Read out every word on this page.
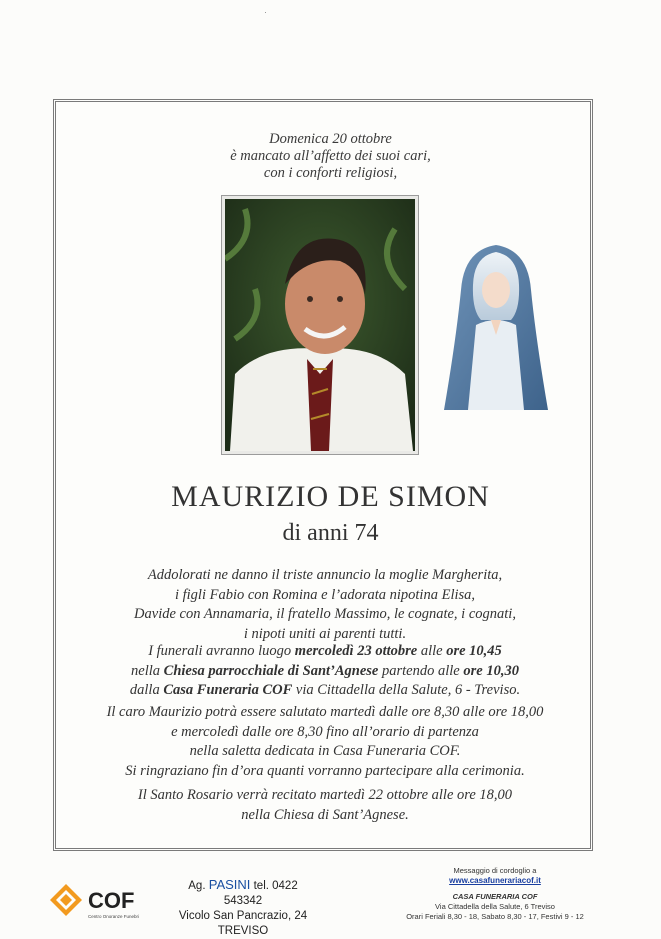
Domenica 20 ottobre
è mancato all’affetto dei suoi cari,
con i conforti religiosi,
MAURIZIO DE SIMON
di anni 74
Addolorati ne danno il triste annuncio la moglie Margherita,
i figli Fabio con Romina e l’adorata nipotina Elisa,
Davide con Annamaria, il fratello Massimo, le cognate, i cognati,
i nipoti uniti ai parenti tutti.
I funerali avranno luogo mercoledì 23 ottobre alle ore 10,45
nella Chiesa parrocchiale di Sant’Agnese partendo alle ore 10,30
dalla Casa Funeraria COF via Cittadella della Salute, 6 - Treviso.
Il caro Maurizio potrà essere salutato martedì dalle ore 8,30 alle ore 18,00
e mercoledì dalle ore 8,30 fino all’orario di partenza
nella saletta dedicata in Casa Funeraria COF.
Si ringraziano fin d’ora quanti vorranno partecipare alla cerimonia.
Il Santo Rosario verrà recitato martedì 22 ottobre alle ore 18,00
nella Chiesa di Sant’Agnese.
COF
Centro Onoranze Funebri
Ag. PASINI tel. 0422 543342
Vicolo San Pancrazio, 24
TREVISO
Messaggio di cordoglio a
www.casafunerariacof.it
CASA FUNERARIA COF
Via Cittadella della Salute, 6 Treviso
Orari Feriali 8,30 - 18, Sabato 8,30 - 17, Festivi 9 - 12
